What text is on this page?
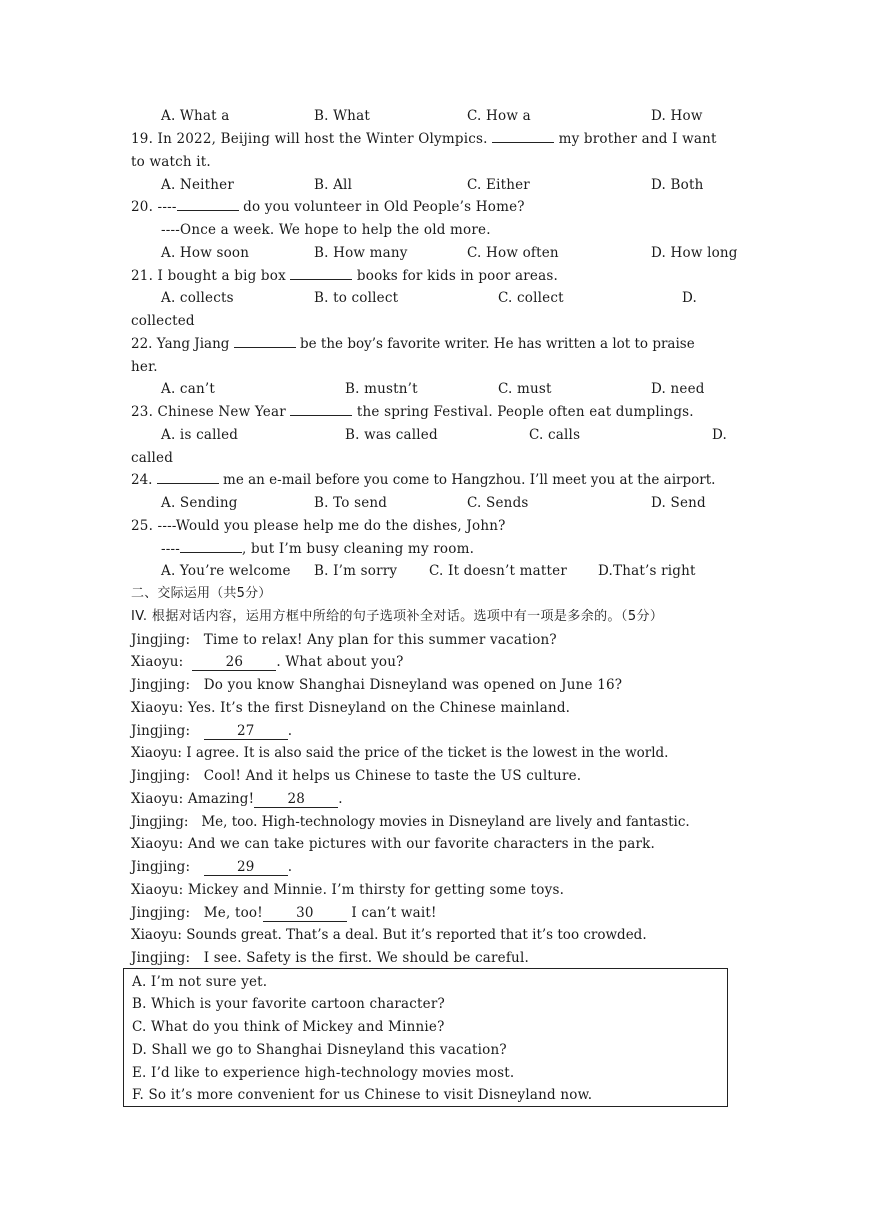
A. What a	B. What	C. How a	D. How
19. In 2022, Beijing will host the Winter Olympics.	my brother and I want
to watch it.
A. Neither	B. All	C. Either	D. Both
20. ----	do you volunteer in Old People’s Home?
----Once a week. We hope to help the old more.
A. How soon	B. How many	C. How often	D. How long
21. I bought a big box	books for kids in poor areas.
A. collects	B. to collect	C. collect	D.
collected
22. Yang Jiang	be the boy’s favorite writer. He has written a lot to praise
her.
A. can’t	B. mustn’t	C. must	D. need
23. Chinese New Year	the spring Festival. People often eat dumplings.
A. is called	B. was called	C. calls	D.
called
24.	me an e-mail before you come to Hangzhou. I’ll meet you at the airport.
A. Sending	B. To send	C. Sends	D. Send
25. ----Would you please help me do the dishes, John?
----	, but I’m busy cleaning my room.
A. You’re welcome B. I’m sorry C. It doesn’t matter D.That’s right
二、交际运用（共5分）
IV. 根据对话内容，运用方框中所给的句子选项补全对话。选项中有一项是多余的。（5分）
Jingjing: Time to relax! Any plan for this summer vacation?
Xiaoyu:	26 . What about you?
Jingjing: Do you know Shanghai Disneyland was opened on June 16?
Xiaoyu: Yes. It’s the first Disneyland on the Chinese mainland.
Jingjing:	27 .
Xiaoyu: I agree. It is also said the price of the ticket is the lowest in the world.
Jingjing: Cool! And it helps us Chinese to taste the US culture.
Xiaoyu: Amazing! 28 .
Jingjing: Me, too. High-technology movies in Disneyland are lively and fantastic.
Xiaoyu: And we can take pictures with our favorite characters in the park.
Jingjing:	29 .
Xiaoyu: Mickey and Minnie. I’m thirsty for getting some toys.
Jingjing: Me, too! 30 I can’t wait!
Xiaoyu: Sounds great. That’s a deal. But it’s reported that it’s too crowded.
Jingjing: I see. Safety is the first. We should be careful.
A. I’m not sure yet.
B. Which is your favorite cartoon character?
C. What do you think of Mickey and Minnie?
D. Shall we go to Shanghai Disneyland this vacation?
E. I’d like to experience high-technology movies most.
F. So it’s more convenient for us Chinese to visit Disneyland now.
